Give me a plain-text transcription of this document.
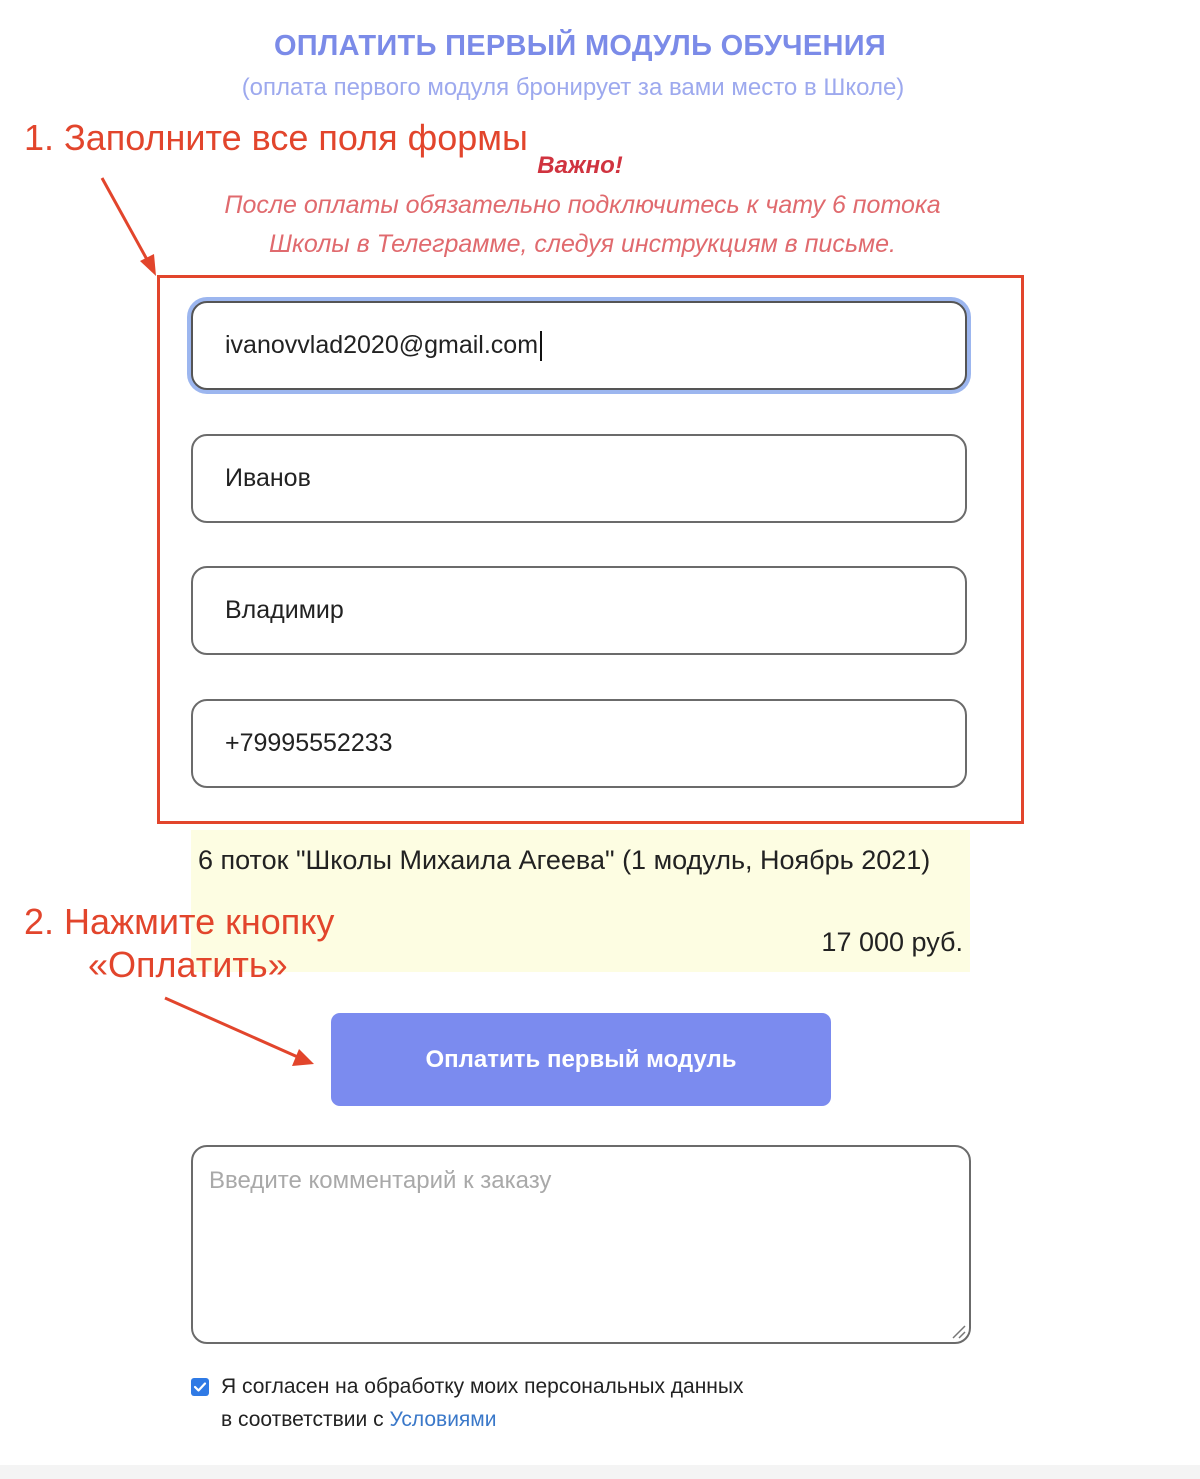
ОПЛАТИТЬ ПЕРВЫЙ МОДУЛЬ ОБУЧЕНИЯ
(оплата первого модуля бронирует за вами место в Школе)
Важно!
После оплаты обязательно подключитесь к чату 6 потока Школы в Телеграмме, следуя инструкциям в письме.
1. Заполните все поля формы
ivanovvlad2020@gmail.com
Иванов
Владимир
+79995552233
6 поток "Школы Михаила Агеева" (1 модуль, Ноябрь 2021)
17 000 руб.
2. Нажмите кнопку
«Оплатить»
Оплатить первый модуль
Введите комментарий к заказу
Я согласен на обработку моих персональных данных
в соответствии с Условиями
